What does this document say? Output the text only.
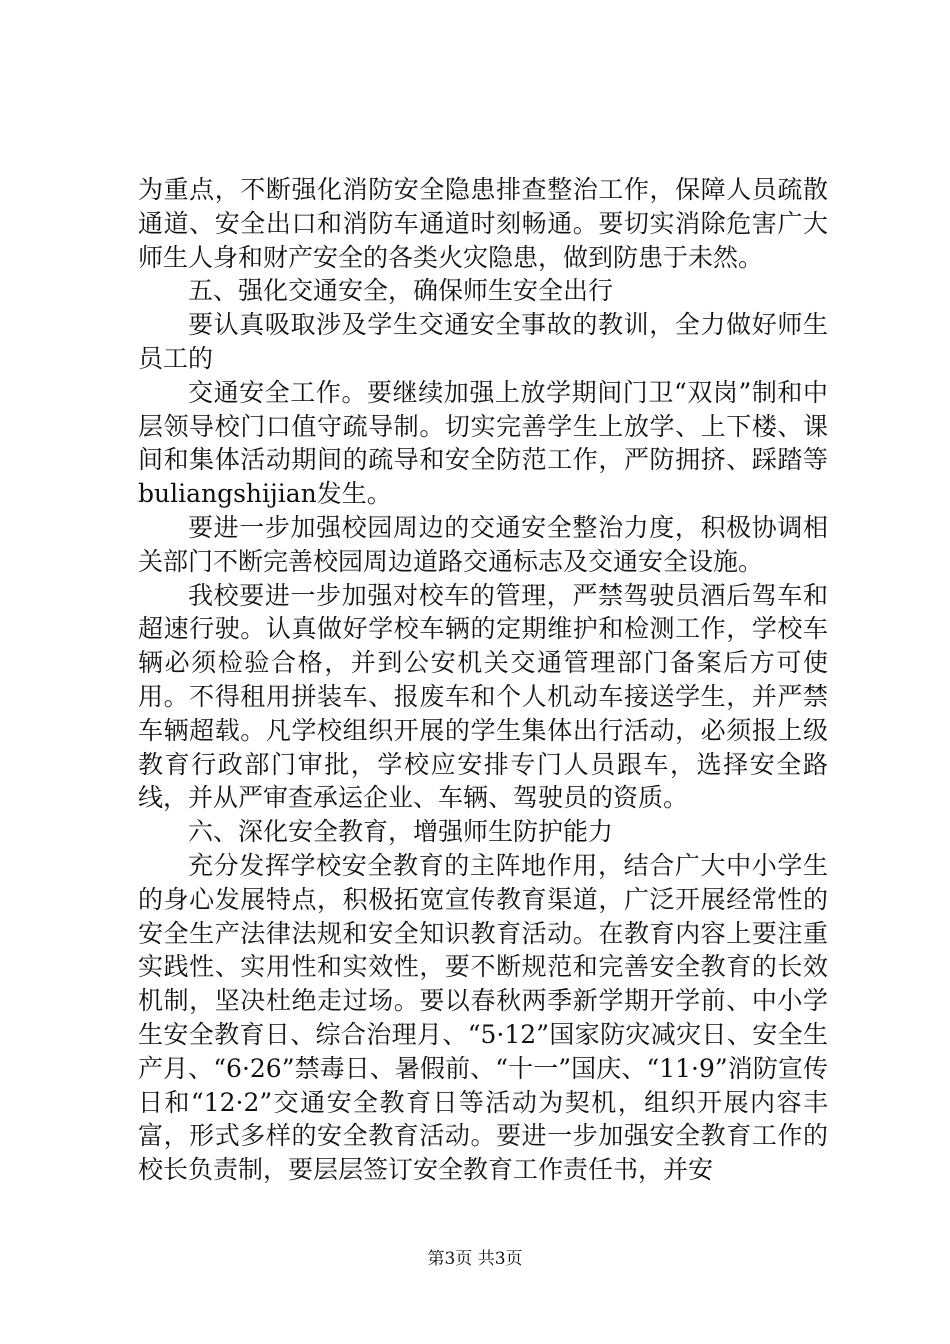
为重点，不断强化消防安全隐患排查整治工作，保障人员疏散通道、安全出口和消防车通道时刻畅通。要切实消除危害广大师生人身和财产安全的各类火灾隐患，做到防患于未然。

五、强化交通安全，确保师生安全出行

要认真吸取涉及学生交通安全事故的教训，全力做好师生员工的

交通安全工作。要继续加强上放学期间门卫“双岗”制和中层领导校门口值守疏导制。切实完善学生上放学、上下楼、课间和集体活动期间的疏导和安全防范工作，严防拥挤、踩踏等buliangshijian发生。

要进一步加强校园周边的交通安全整治力度，积极协调相关部门不断完善校园周边道路交通标志及交通安全设施。

我校要进一步加强对校车的管理，严禁驾驶员酒后驾车和超速行驶。认真做好学校车辆的定期维护和检测工作，学校车辆必须检验合格，并到公安机关交通管理部门备案后方可使用。不得租用拼装车、报废车和个人机动车接送学生，并严禁车辆超载。凡学校组织开展的学生集体出行活动，必须报上级教育行政部门审批，学校应安排专门人员跟车，选择安全路线，并从严审查承运企业、车辆、驾驶员的资质。

六、深化安全教育，增强师生防护能力

充分发挥学校安全教育的主阵地作用，结合广大中小学生的身心发展特点，积极拓宽宣传教育渠道，广泛开展经常性的安全生产法律法规和安全知识教育活动。在教育内容上要注重实践性、实用性和实效性，要不断规范和完善安全教育的长效机制，坚决杜绝走过场。要以春秋两季新学期开学前、中小学生安全教育日、综合治理月、“5·12”国家防灾减灾日、安全生产月、“6·26”禁毒日、暑假前、“十一”国庆、“11·9”消防宣传日和“12·2”交通安全教育日等活动为契机，组织开展内容丰富，形式多样的安全教育活动。要进一步加强安全教育工作的校长负责制，要层层签订安全教育工作责任书，并安

第3页 共3页
